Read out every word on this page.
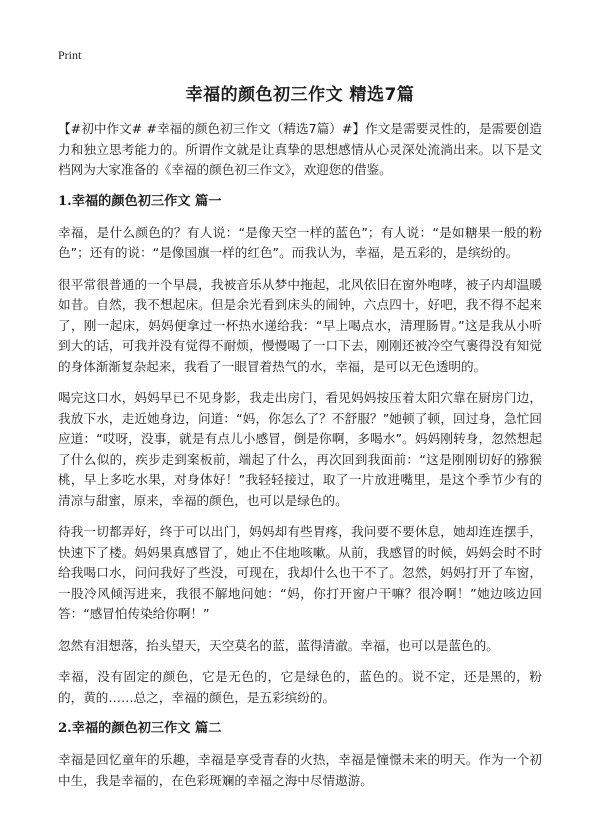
Print
幸福的颜色初三作文 精选7篇

【#初中作文# #幸福的颜色初三作文（精选7篇）#】作文是需要灵性的，是需要创造力和独立思考能力的。所谓作文就是让真挚的思想感情从心灵深处流淌出来。以下是文档网为大家准备的《幸福的颜色初三作文》，欢迎您的借鉴。

1.幸福的颜色初三作文 篇一

幸福，是什么颜色的？有人说：“是像天空一样的蓝色”；有人说：“是如糖果一般的粉色”；还有的说：“是像国旗一样的红色”。而我认为，幸福，是五彩的，是缤纷的。

很平常很普通的一个早晨，我被音乐从梦中拖起，北风依旧在窗外咆哮，被子内却温暖如昔。自然，我不想起床。但是余光看到床头的闹钟，六点四十，好吧，我不得不起来了，刚一起床，妈妈便拿过一杯热水递给我：“早上喝点水，清理肠胃。”这是我从小听到大的话，可我并没有觉得不耐烦，慢慢喝了一口下去，刚刚还被冷空气裹得没有知觉的身体渐渐复杂起来，我看了一眼冒着热气的水，幸福，是可以无色透明的。

喝完这口水，妈妈早已不见身影，我走出房门，看见妈妈按压着太阳穴靠在厨房门边，我放下水，走近她身边，问道：“妈，你怎么了？不舒服？”她顿了顿，回过身，急忙回应道：“哎呀，没事，就是有点儿小感冒，倒是你啊，多喝水”。妈妈刚转身，忽然想起了什么似的，疾步走到案板前，端起了什么，再次回到我面前：“这是刚刚切好的猕猴桃，早上多吃水果，对身体好！”我轻轻接过，取了一片放进嘴里，是这个季节少有的清凉与甜蜜，原来，幸福的颜色，也可以是绿色的。

待我一切都弄好，终于可以出门，妈妈却有些胃疼，我问要不要休息，她却连连摆手，快速下了楼。妈妈果真感冒了，她止不住地咳嗽。从前，我感冒的时候，妈妈会时不时给我喝口水，问问我好了些没，可现在，我却什么也干不了。忽然，妈妈打开了车窗，一股冷风倾泻进来，我很不解地问她：“妈，你打开窗户干嘛？很冷啊！”她边咳边回答：“感冒怕传染给你啊！”

忽然有泪想落，抬头望天，天空莫名的蓝，蓝得清澈。幸福，也可以是蓝色的。

幸福，没有固定的颜色，它是无色的，它是绿色的，蓝色的。说不定，还是黑的，粉的，黄的……总之，幸福的颜色，是五彩缤纷的。

2.幸福的颜色初三作文 篇二

幸福是回忆童年的乐趣，幸福是享受青春的火热，幸福是憧憬未来的明天。作为一个初中生，我是幸福的，在色彩斑斓的幸福之海中尽情遨游。
